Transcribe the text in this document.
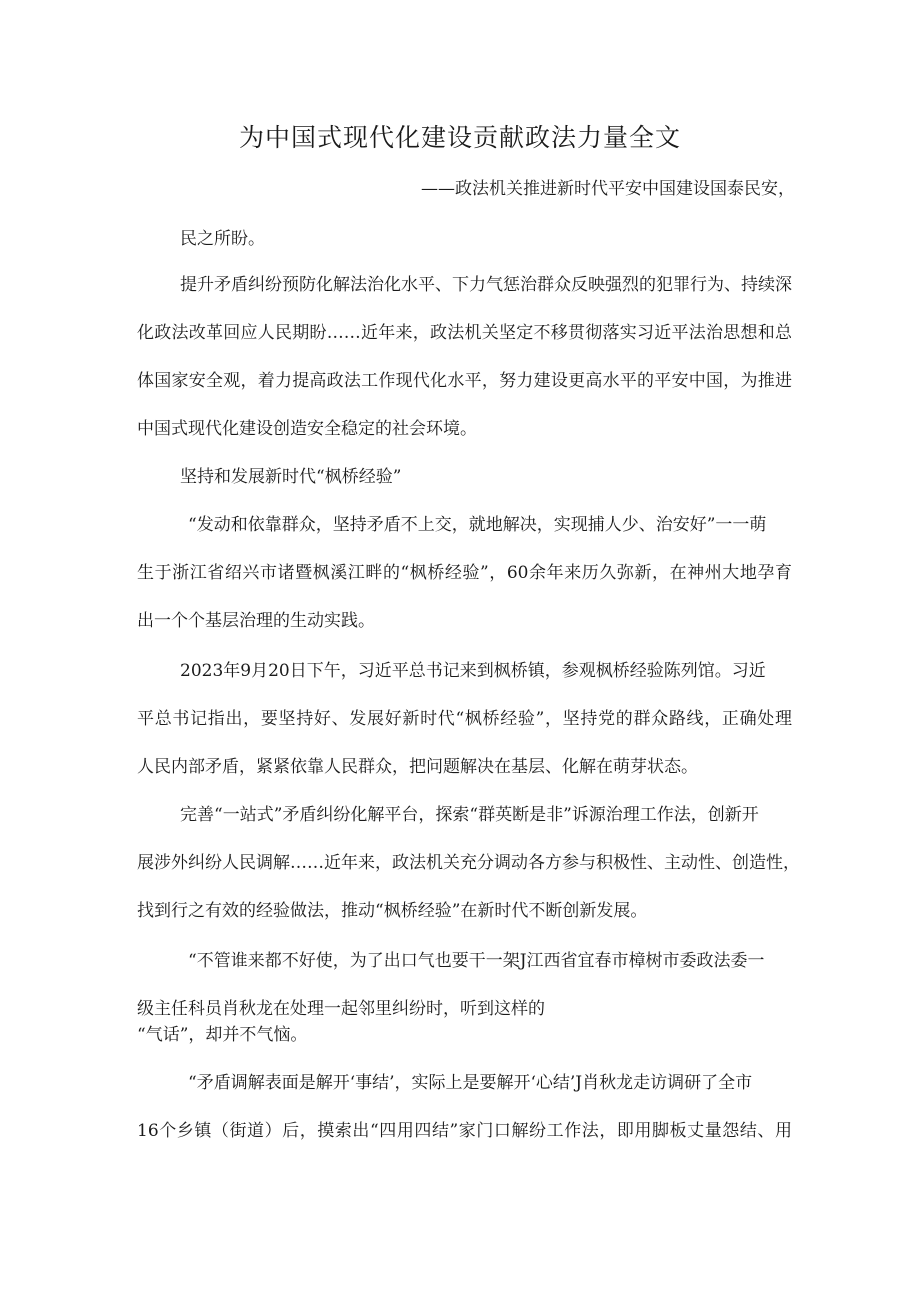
为中国式现代化建设贡献政法力量全文
——政法机关推进新时代平安中国建设国泰民安，
民之所盼。
提升矛盾纠纷预防化解法治化水平、下力气惩治群众反映强烈的犯罪行为、持续深
化政法改革回应人民期盼……近年来，政法机关坚定不移贯彻落实习近平法治思想和总
体国家安全观，着力提高政法工作现代化水平，努力建设更高水平的平安中国，为推进
中国式现代化建设创造安全稳定的社会环境。
坚持和发展新时代“枫桥经验”
“发动和依靠群众，坚持矛盾不上交，就地解决，实现捕人少、治安好”一一萌
生于浙江省绍兴市诸暨枫溪江畔的“枫桥经验”，60余年来历久弥新，在神州大地孕育
出一个个基层治理的生动实践。
2023年9月20日下午，习近平总书记来到枫桥镇，参观枫桥经验陈列馆。习近
平总书记指出，要坚持好、发展好新时代“枫桥经验”，坚持党的群众路线，正确处理
人民内部矛盾，紧紧依靠人民群众，把问题解决在基层、化解在萌芽状态。
完善“一站式”矛盾纠纷化解平台，探索“群英断是非”诉源治理工作法，创新开
展涉外纠纷人民调解……近年来，政法机关充分调动各方参与积极性、主动性、创造性，
找到行之有效的经验做法，推动“枫桥经验”在新时代不断创新发展。
“不管谁来都不好使，为了出口气也要干一架J江西省宜春市樟树市委政法委一
级主任科员肖秋龙在处理一起邻里纠纷时，听到这样的
“气话”，却并不气恼。
“矛盾调解表面是解开‘事结’，实际上是要解开‘心结’J肖秋龙走访调研了全市
16个乡镇（街道）后，摸索出“四用四结”家门口解纷工作法，即用脚板丈量怨结、用
